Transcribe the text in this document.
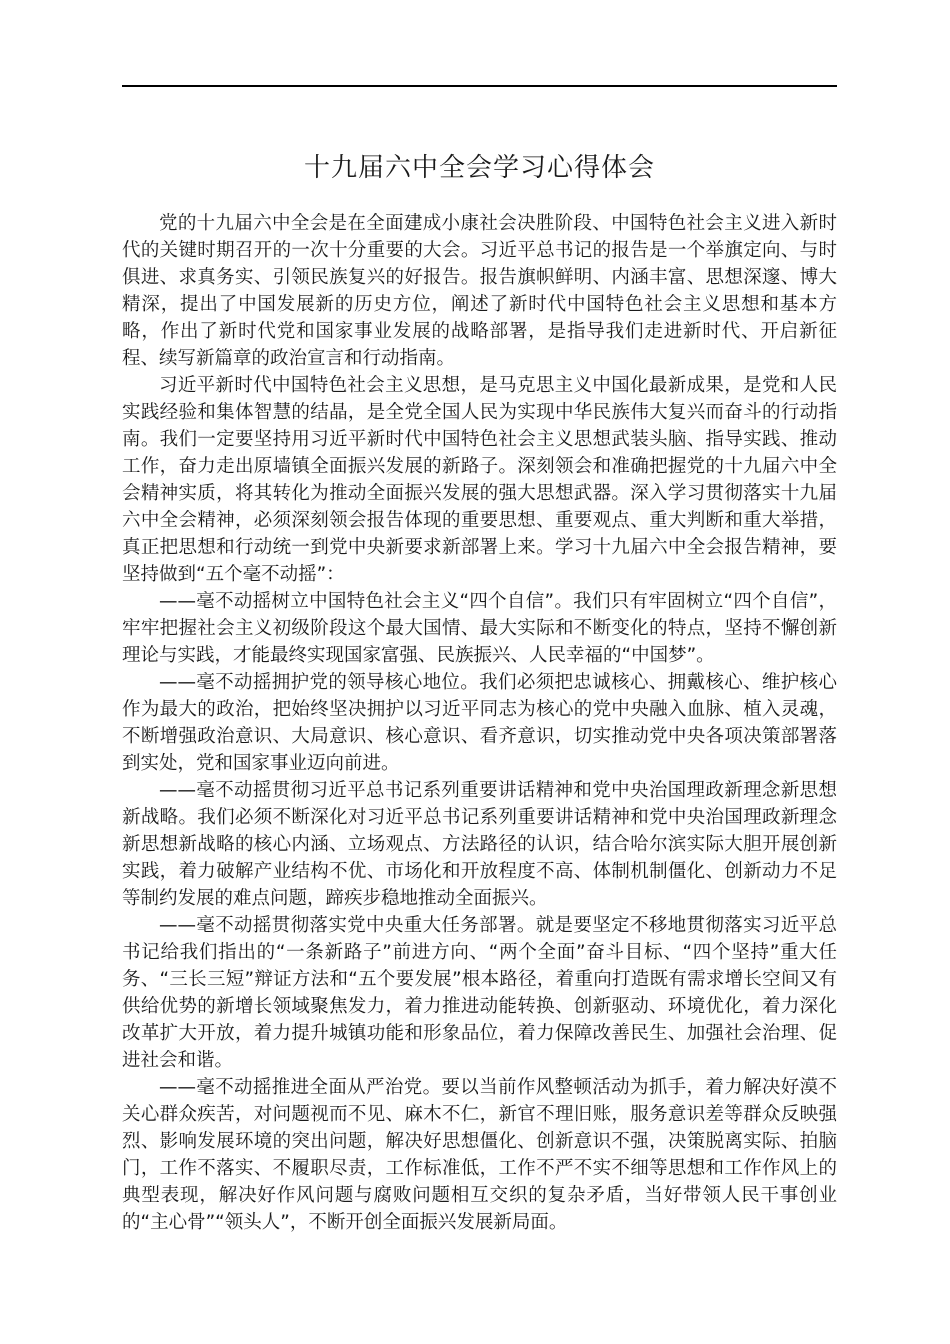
十九届六中全会学习心得体会

党的十九届六中全会是在全面建成小康社会决胜阶段、中国特色社会主义进入新时代的关键时期召开的一次十分重要的大会。习近平总书记的报告是一个举旗定向、与时俱进、求真务实、引领民族复兴的好报告。报告旗帜鲜明、内涵丰富、思想深邃、博大精深，提出了中国发展新的历史方位，阐述了新时代中国特色社会主义思想和基本方略，作出了新时代党和国家事业发展的战略部署，是指导我们走进新时代、开启新征程、续写新篇章的政治宣言和行动指南。

习近平新时代中国特色社会主义思想，是马克思主义中国化最新成果，是党和人民实践经验和集体智慧的结晶，是全党全国人民为实现中华民族伟大复兴而奋斗的行动指南。我们一定要坚持用习近平新时代中国特色社会主义思想武装头脑、指导实践、推动工作，奋力走出原墙镇全面振兴发展的新路子。深刻领会和准确把握党的十九届六中全会精神实质，将其转化为推动全面振兴发展的强大思想武器。深入学习贯彻落实十九届六中全会精神，必须深刻领会报告体现的重要思想、重要观点、重大判断和重大举措，真正把思想和行动统一到党中央新要求新部署上来。学习十九届六中全会报告精神，要坚持做到“五个毫不动摇”：

——毫不动摇树立中国特色社会主义“四个自信”。我们只有牢固树立“四个自信”，牢牢把握社会主义初级阶段这个最大国情、最大实际和不断变化的特点，坚持不懈创新理论与实践，才能最终实现国家富强、民族振兴、人民幸福的“中国梦”。

——毫不动摇拥护党的领导核心地位。我们必须把忠诚核心、拥戴核心、维护核心作为最大的政治，把始终坚决拥护以习近平同志为核心的党中央融入血脉、植入灵魂，不断增强政治意识、大局意识、核心意识、看齐意识，切实推动党中央各项决策部署落到实处，党和国家事业迈向前进。

——毫不动摇贯彻习近平总书记系列重要讲话精神和党中央治国理政新理念新思想新战略。我们必须不断深化对习近平总书记系列重要讲话精神和党中央治国理政新理念新思想新战略的核心内涵、立场观点、方法路径的认识，结合哈尔滨实际大胆开展创新实践，着力破解产业结构不优、市场化和开放程度不高、体制机制僵化、创新动力不足等制约发展的难点问题，蹄疾步稳地推动全面振兴。

——毫不动摇贯彻落实党中央重大任务部署。就是要坚定不移地贯彻落实习近平总书记给我们指出的“一条新路子”前进方向、“两个全面”奋斗目标、“四个坚持”重大任务、“三长三短”辩证方法和“五个要发展”根本路径，着重向打造既有需求增长空间又有供给优势的新增长领域聚焦发力，着力推进动能转换、创新驱动、环境优化，着力深化改革扩大开放，着力提升城镇功能和形象品位，着力保障改善民生、加强社会治理、促进社会和谐。

——毫不动摇推进全面从严治党。要以当前作风整顿活动为抓手，着力解决好漠不关心群众疾苦，对问题视而不见、麻木不仁，新官不理旧账，服务意识差等群众反映强烈、影响发展环境的突出问题，解决好思想僵化、创新意识不强，决策脱离实际、拍脑门，工作不落实、不履职尽责，工作标准低，工作不严不实不细等思想和工作作风上的典型表现，解决好作风问题与腐败问题相互交织的复杂矛盾，当好带领人民干事创业的“主心骨”“领头人”，不断开创全面振兴发展新局面。
